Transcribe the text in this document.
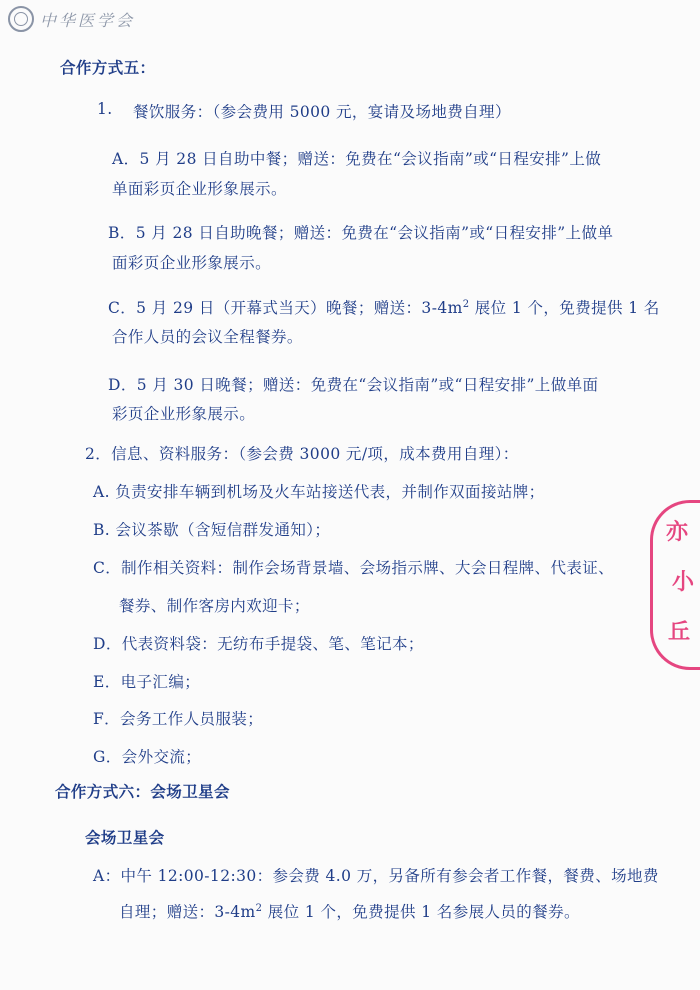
中华医学会
合作方式五：
1. 餐饮服务：（参会费用 5000 元，宴请及场地费自理）
A．5 月 28 日自助中餐；赠送：免费在“会议指南”或“日程安排”上做
单面彩页企业形象展示。
B．5 月 28 日自助晚餐；赠送：免费在“会议指南”或“日程安排”上做单
面彩页企业形象展示。
C．5 月 29 日（开幕式当天）晚餐；赠送：$3-4m^2$ 展位 1 个，免费提供 1 名
合作人员的会议全程餐券。
D．5 月 30 日晚餐；赠送：免费在“会议指南”或“日程安排”上做单面
彩页企业形象展示。
2．信息、资料服务：（参会费 3000 元/项，成本费用自理）：
A. 负责安排车辆到机场及火车站接送代表，并制作双面接站牌；
B. 会议茶歇（含短信群发通知）；
C．制作相关资料：制作会场背景墙、会场指示牌、大会日程牌、代表证、
餐券、制作客房内欢迎卡；
D．代表资料袋：无纺布手提袋、笔、笔记本；
E．电子汇编；
F．会务工作人员服装；
G．会外交流；
合作方式六：会场卫星会
会场卫星会
A：中午 12:00-12:30：参会费 4.0 万，另备所有参会者工作餐，餐费、场地费
自理；赠送：$3-4m^2$ 展位 1 个，免费提供 1 名参展人员的餐券。
亦
小
丘
